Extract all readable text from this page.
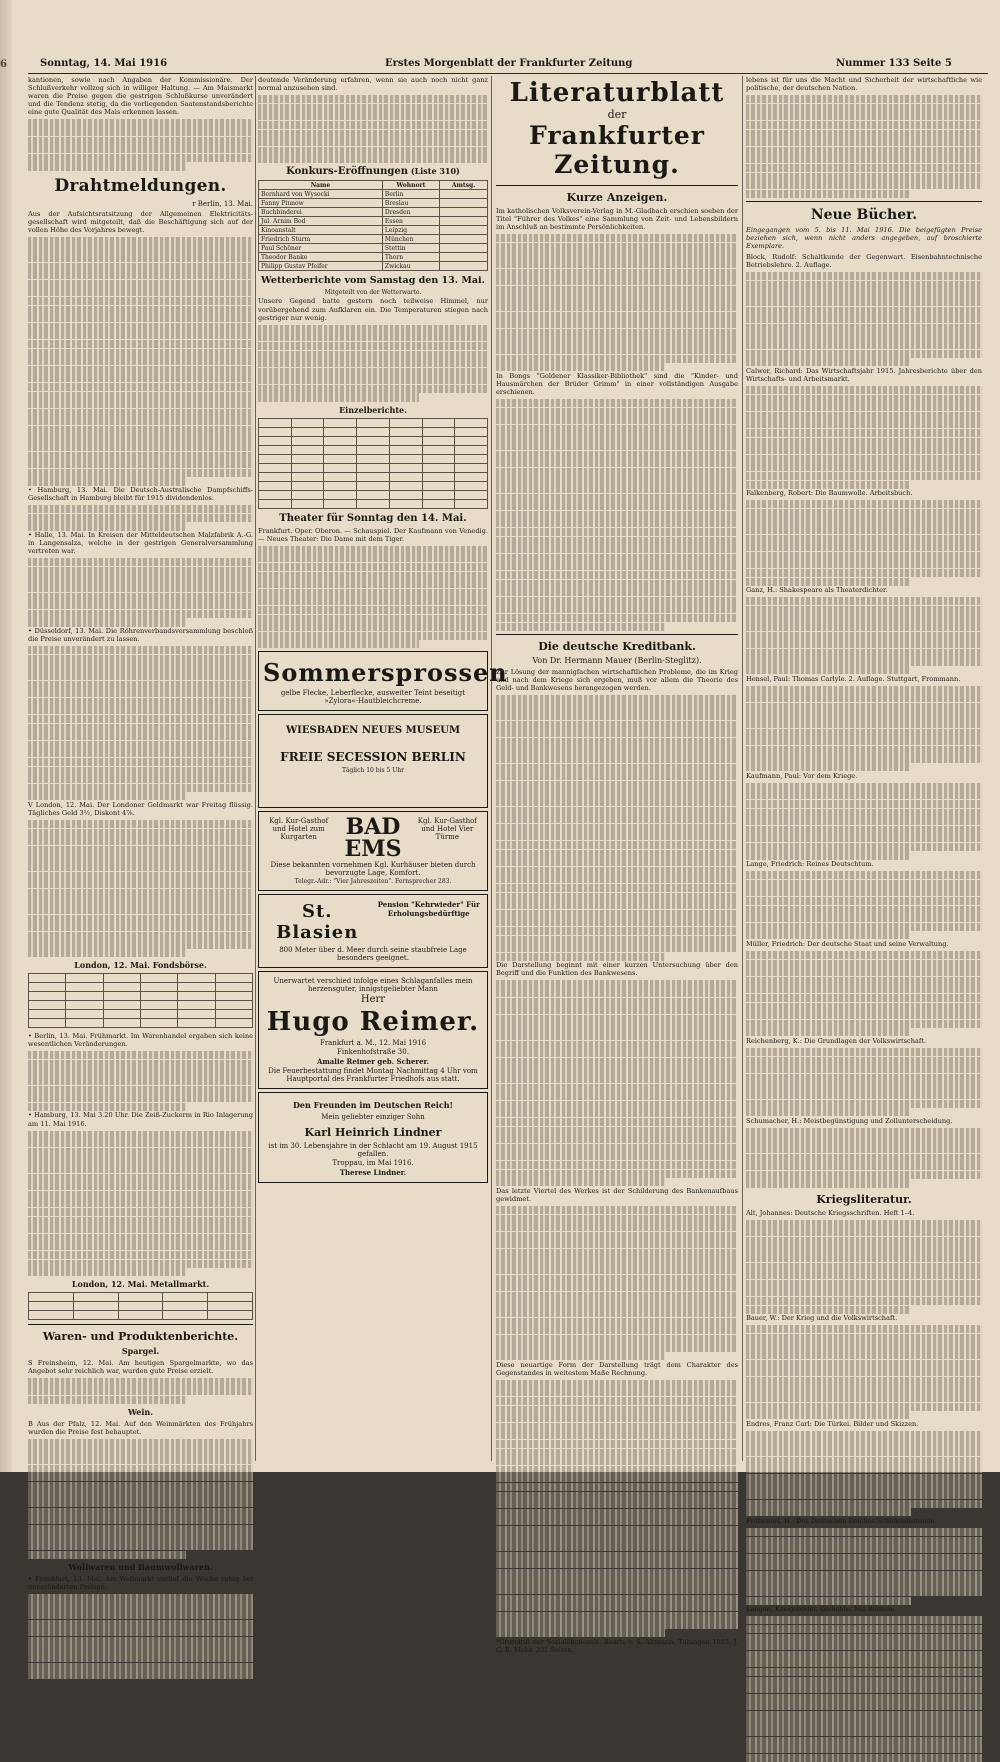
6	Sonntag, 14. Mai 1916	Erstes Morgenblatt der Frankfurter Zeitung	Nummer 133 Seite 5

kantionen, sowie nach Angaben der Kommissionäre. Der Schlußverkehr vollzog sich in williger Haltung. — Am Maismarkt waren die Preise gegen die gestrigen Schlußkurse unverändert und die Tendenz stetig, da die vorliegenden Saatenstandsberichte eine gute Qualität des Mais erkennen lassen.

Drahtmeldungen.
r Berlin, 13. Mai.

Aus der Aufsichtsratsitzung der Allgemeinen Elektricitäts-gesellschaft wird mitgeteilt, daß die Beschäftigung sich auf der vollen Höhe des Vorjahres bewegt.

• Hamburg, 13. Mai. Die Deutsch-Australische Dampfschiffs-Gesellschaft in Hamburg bleibt für 1915 dividendenlos.

• Halle, 13. Mai. In Kreisen der Mitteldeutschen Malzfabrik A.-G. in Langensalza, welche in der gestrigen Generalversammlung vertreten war.

• Düsseldorf, 13. Mai. Die Röhrenverbandsversammlung beschloß die Preise unverändert zu lassen.

V London, 12. Mai. Der Londoner Geldmarkt war Freitag flüssig. Tägliches Geld 3½, Diskont 4⅞.

London, 12. Mai. Fondsbörse.

• Berlin, 13. Mai. Frühmarkt. Im Warenhandel ergaben sich keine wesentlichen Veränderungen.

• Hamburg, 13. Mai 3.20 Uhr. Die Zeiß-Zuckerm in Rio Inlagerung am 11. Mai 1916.

London, 12. Mai. Metallmarkt.

Waren- und Produktenberichte.
Spargel.

S Freinsheim, 12. Mai. Am heutigen Spargelmarkte, wo das Angebot sehr reichlich war, wurden gute Preise erzielt.

Wein.

B Aus der Pfalz, 12. Mai. Auf den Weinmärkten des Frühjahrs wurden die Preise fest behauptet.

Wollwaren und Baumwollwaren.

• Frankfurt, 13. Mai. Am Wollmarkt verlief die Woche ruhig bei unveränderten Preisen.

deutende Veränderung erfahren, wenn sie auch noch nicht ganz normal anzusehen sind.

Konkurs-Eröffnungen (Liste 310)
Name	Wohnort	Amtsg.
Bernhard von Wysocki	Berlin	
Fanny Pinnow	Breslau	
Buchbinderei	Dresden	
Jul. Arnim Bod	Essen	
Kinoanstalt	Leipzig	
Friedrich Sturm	München	
Paul Schöner	Stettin	
Theodor Banke	Thorn	
Philipp Gustav Pfeifer	Zwickau	
Wetterberichte vom Samstag den 13. Mai.
Mitgeteilt von der Wetterwarte.

Unsere Gegend hatte gestern noch teilweise Himmel, nur vorübergehend zum Aufklaren ein. Die Temperaturen stiegen nach gestriger nur wenig.

Einzelberichte.

Theater für Sonntag den 14. Mai.

Frankfurt. Oper. Oberon. — Schauspiel. Der Kaufmann von Venedig. — Neues Theater: Die Dame mit dem Tiger.

Sommersprossen
gelbe Flecke, Leberflecke, ausweiter Teint beseitigt »Zylora«-Hautbleichcreme.
WIESBADEN NEUES MUSEUM
FREIE SECESSION BERLIN
Täglich 10 bis 5 Uhr
Kgl. Kur-Gasthof und Hotel zum Kurgarten	BAD EMS
Kgl. Kur-Gasthof und Hotel Vier Türme
Diese bekannten vornehmen Kgl. Kurhäuser bieten durch bevorzugte Lage, Komfort.
Telegr.-Adr.: "Vier Jahreszeiten". Fernsprecher 283.
St. Blasien
Pension "Kehrwieder" Für Erholungsbedürftige
800 Meter über d. Meer durch seine staubfreie Lage besonders geeignet.
Unerwartet verschied infolge eines Schlaganfalles mein herzensguter, innigstgeliebter Mann
Herr
Hugo Reimer.
Frankfurt a. M., 12. Mai 1916
Finkenhofstraße 30.
Amalie Reimer geb. Scherer.
Die Feuerbestattung findet Montag Nachmittag 4 Uhr vom Hauptportal des Frankfurter Friedhofs aus statt.
Den Freunden im Deutschen Reich!
Mein geliebter einziger Sohn
Karl Heinrich Lindner
ist im 30. Lebensjahre in der Schlacht am 19. August 1915 gefallen.
Troppau, im Mai 1916.
Therese Lindner.
Literaturblatt
der
Frankfurter Zeitung.
Kurze Anzeigen.

Im katholischen Volksverein-Verlag in M.-Gladbach erschien soeben der Titel "Führer des Volkes" eine Sammlung von Zeit- und Lebensbildern im Anschluß an bestimmte Persönlichkeiten.

In Bongs "Goldener Klassiker-Bibliothek" sind die "Kinder- und Hausmärchen der Brüder Grimm" in einer vollständigen Ausgabe erschienen.

Die deutsche Kreditbank.
Von Dr. Hermann Mauer (Berlin-Steglitz).

Zur Lösung der mannigfachen wirtschaftlichen Probleme, die im Krieg und nach dem Kriege sich ergeben, muß vor allem die Theorie des Geld- und Bankwesens herangezogen werden.

Die Darstellung beginnt mit einer kurzen Untersuchung über den Begriff und die Funktion des Bankwesens.

Das letzte Viertel des Werkes ist der Schilderung des Bankenaufbaus gewidmet.

Diese neuartige Form der Darstellung trägt dem Charakter des Gegenstandes in weitestem Maße Rechnung.

*Grundriß der Sozialökonomik. Bearb. v. S. Altmann, Tübingen 1915, J. C. B. Mohr. 201 Seiten.

lebens ist für uns die Macht und Sicherheit der wirtschaftliche wie politische, der deutschen Nation.

Neue Bücher.

Eingegangen vom 5. bis 11. Mai 1916. Die beigefügten Preise beziehen sich, wenn nicht anders angegeben, auf broschierte Exemplare.

Block, Rudolf: Schaltkunde der Gegenwart. Eisenbahntechnische Betriebslehre. 2. Auflage.

Calwer, Richard: Das Wirtschaftsjahr 1915. Jahresberichte über den Wirtschafts- und Arbeitsmarkt.

Falkenberg, Robert: Die Baumwolle. Arbeitsbuch.

Ganz, H.: Shakespeare als Theaterdichter.

Hensel, Paul: Thomas Carlyle. 2. Auflage. Stuttgart, Frommann.

Kaufmann, Paul: Vor dem Kriege.

Lange, Friedrich: Reines Deutschtum.

Müller, Friedrich: Der deutsche Staat und seine Verwaltung.

Reichenberg, K.: Die Grundlagen der Volkswirtschaft.

Schumacher, H.: Meistbegünstigung und Zollunterscheidung.

Kriegsliteratur.

Alt, Johannes: Deutsche Kriegsschriften. Heft 1–4.

Bauer, W.: Der Krieg und die Volkswirtschaft.

Endres, Franz Carl: Die Türkei. Bilder und Skizzen.

Frobenius, H.: Des Deutschen Reiches Schicksalsstunde.

Langen, Kriegsbilder. Gedichte. Mit Bildern.
